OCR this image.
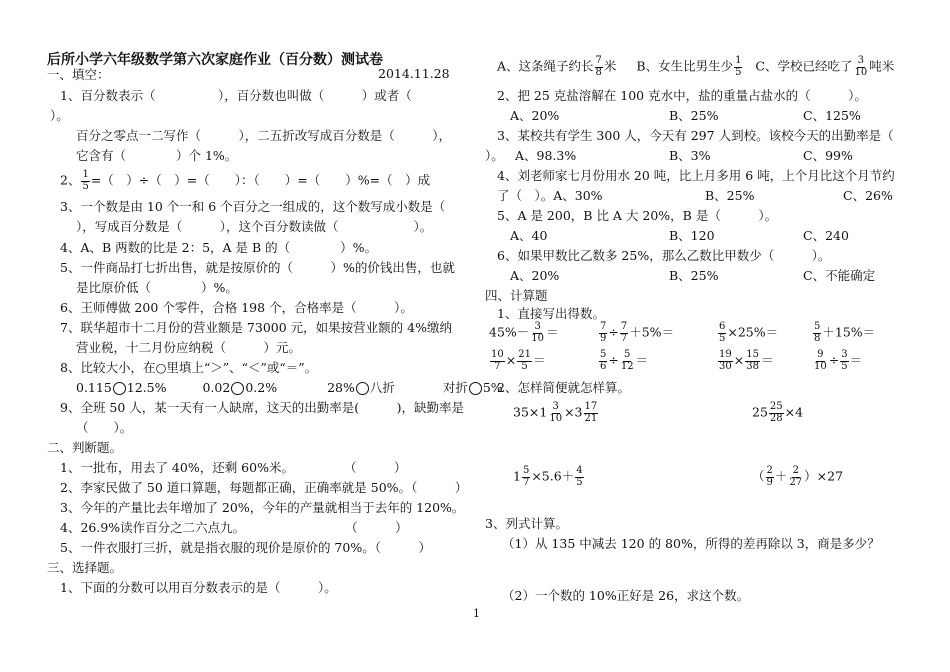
后所小学六年级数学第六次家庭作业（百分数）测试卷
2014.11.28
一、填空：
1、百分数表示（　　　　　），百分数也叫做（　　　）或者（
）。
百分之零点一二写作（　　　），二五折改写成百分数是（　　　），
它含有（　　　　）个 1%。
2、 $\frac{1}{5}$ =（　）÷（　）=（　　）：（　　）=（　　）%=（　）成
3、一个数是由 10 个一和 6 个百分之一组成的，这个数写成小数是（
），写成百分数是（　　　），这个百分数读做（　　　　　　）。
4、A、B 两数的比是 2：5，A 是 B 的（　　　　）%。
5、一件商品打七折出售，就是按原价的（　　　）%的价钱出售，也就
是比原价低（　　　　）%。
6、王师傅做 200 个零件，合格 198 个，合格率是（　　　）。
7、联华超市十二月份的营业额是 73000 元，如果按营业额的 4%缴纳
营业税，十二月份应纳税（　　　）元。
8、比较大小，在○里填上“＞”、“＜”或“＝”。
0.115 12.5%	0.02 0.2%	28% 八折	对折 5%
9、全班 50 人，某一天有一人缺席，这天的出勤率是(　　　)，缺勤率是
（　　）。
二、判断题。
1、一批布，用去了 40%，还剩 60%米。　　　　　（　　　）
2、李家民做了 50 道口算题，每题都正确，正确率就是 50%。（　　　）
3、今年的产量比去年增加了 20%，今年的产量就相当于去年的 120%。
4、26.9%读作百分之二六点九。　　　　　　　　　（　　　）
5、一件衣服打三折，就是指衣服的现价是原价的 70%。（　　　）
三、选择题。
1、下面的分数可以用百分数表示的是（　　　）。
A、这条绳子约长 $\frac{7}{8}$ 米 B、女生比男生少 $\frac{1}{5}$ C、学校已经吃了 $\frac{3}{10}$ 吨米
2、把 25 克盐溶解在 100 克水中，盐的重量占盐水的（　　　）。
A、20%	B、25%	C、125%
3、某校共有学生 300 人，今天有 297 人到校。该校今天的出勤率是（
）。 A、98.3%	B、3%	C、99%
4、刘老师家七月份用水 20 吨，比上月多用 6 吨，上个月比这个月节约
了（　）。A、30%	B、25%	C、26%
5、A 是 200，B 比 A 大 20%，B 是（　　　）。
A、40	B、120	C、240
6、如果甲数比乙数多 25%，那么乙数比甲数少（　　　）。
A、20%	B、25%	C、不能确定
四、计算题
1、直接写出得数。
$45\%- \frac{3}{10}$ ＝	$\frac{7}{9} \div \frac{7}{7} +5\%=$	$\frac{6}{5} \times 25\%=$	$\frac{5}{8} +15\%=$
$\frac{10}{7} \times \frac{21}{5}$ ＝	$\frac{5}{6} \div \frac{5}{12}$ ＝	$\frac{19}{30} \times \frac{15}{38}$ ＝	$\frac{9}{10} \div \frac{3}{5}$ ＝
2、怎样简便就怎样算。
$35\times 1 \frac{3}{10} \times 3 \frac{17}{21}$	$25 \frac{25}{28} \times 4$
$1 \frac{5}{7} \times 5.6+ \frac{4}{5}$	（ $\frac{2}{9} + \frac{2}{27} )\times 27$
3、列式计算。
（1）从 135 中减去 120 的 80%，所得的差再除以 3，商是多少？
（2）一个数的 10%正好是 26，求这个数。
1
